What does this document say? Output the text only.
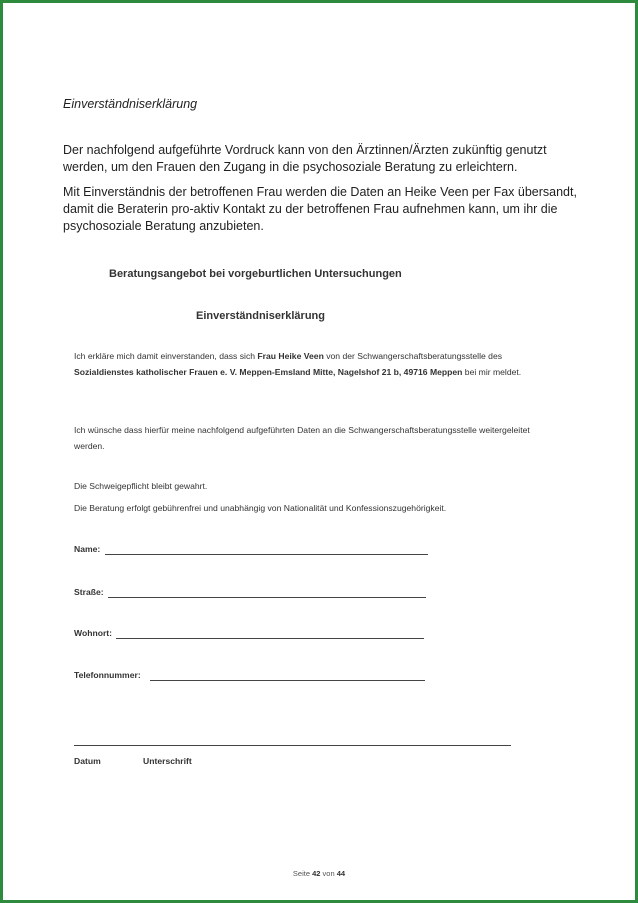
Einverständniserklärung

Der nachfolgend aufgeführte Vordruck kann von den Ärztinnen/Ärzten zukünftig genutzt werden, um den Frauen den Zugang in die psychosoziale Beratung zu erleichtern.

Mit Einverständnis der betroffenen Frau werden die Daten an Heike Veen per Fax übersandt, damit die Beraterin pro-aktiv Kontakt zu der betroffenen Frau aufnehmen kann, um ihr die psychosoziale Beratung anzubieten.

Beratungsangebot bei vorgeburtlichen Untersuchungen
Einverständniserklärung

Ich erkläre mich damit einverstanden, dass sich Frau Heike Veen von der Schwangerschaftsberatungsstelle des Sozialdienstes katholischer Frauen e. V. Meppen-Emsland Mitte, Nagelshof 21 b, 49716 Meppen bei mir meldet.

Ich wünsche dass hierfür meine nachfolgend aufgeführten Daten an die Schwangerschaftsberatungsstelle weitergeleitet werden.

Die Schweigepflicht bleibt gewahrt.

Die Beratung erfolgt gebührenfrei und unabhängig von Nationalität und Konfessionszugehörigkeit.

Name:
Straße:
Wohnort:
Telefonnummer:
Datum	Unterschrift
Seite 42 von 44
